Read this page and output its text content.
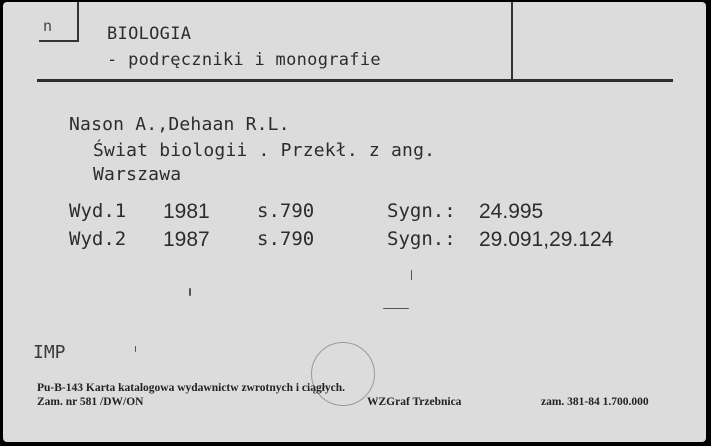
n	BIOLOGIA
- podręczniki i monografie
Nason A.,Dehaan R.L.
Świat biologii . Przekł. z ang.
Warszawa
Wyd.1 1981 s.790	Sygn.: 24.995
Wyd.2 1987 s.790	Sygn.: 29.091,29.124
IMP
Pu-B-143 Karta katalogowa wydawnictw zwrotnych i ciągłych.
Zam. nr 581 /DW/ON	WZGraf Trzebnica	zam. 381-84 1.700.000
